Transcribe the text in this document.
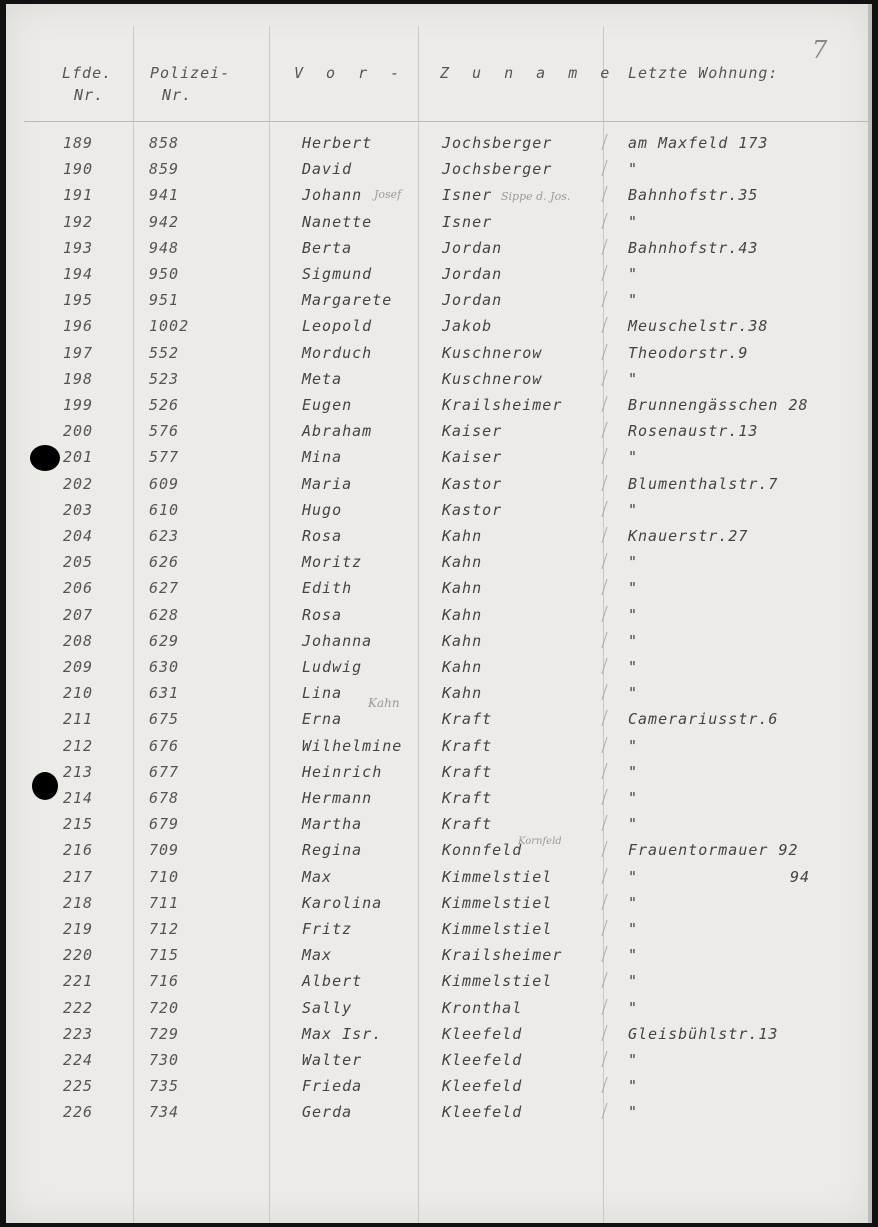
7
Lfde.
Nr.
Polizei-
Nr.
V o r - Z u n a m e Letzte Wohnung:
189	858	Herbert	Jochsberger	am Maxfeld 173
190	859	David	Jochsberger	"
191	941	Johann	Isner	Bahnhofstr.35
192	942	Nanette	Isner	"
193	948	Berta	Jordan	Bahnhofstr.43
194	950	Sigmund	Jordan	"
195	951	Margarete	Jordan	"
196	1002	Leopold	Jakob	Meuschelstr.38
197	552	Morduch	Kuschnerow	Theodorstr.9
198	523	Meta	Kuschnerow	"
199	526	Eugen	Krailsheimer	Brunnengässchen 28
200	576	Abraham	Kaiser	Rosenaustr.13
201	577	Mina	Kaiser	"
202	609	Maria	Kastor	Blumenthalstr.7
203	610	Hugo	Kastor	"
204	623	Rosa	Kahn	Knauerstr.27
205	626	Moritz	Kahn	"
206	627	Edith	Kahn	"
207	628	Rosa	Kahn	"
208	629	Johanna	Kahn	"
209	630	Ludwig	Kahn	"
210	631	Lina	Kahn	"
211	675	Erna	Kraft	Camerariusstr.6
212	676	Wilhelmine	Kraft	"
213	677	Heinrich	Kraft	"
214	678	Hermann	Kraft	"
215	679	Martha	Kraft	"
216	709	Regina	Konnfeld	Frauentormauer 92
217	710	Max	Kimmelstiel	"	94
218	711	Karolina	Kimmelstiel	"
219	712	Fritz	Kimmelstiel	"
220	715	Max	Krailsheimer	"
221	716	Albert	Kimmelstiel	"
222	720	Sally	Kronthal	"
223	729	Max Isr.	Kleefeld	Gleisbühlstr.13
224	730	Walter	Kleefeld	"
225	735	Frieda	Kleefeld	"
226	734	Gerda	Kleefeld	"
Josef	Sippe d. Jos.
Kahn
Kornfeld
